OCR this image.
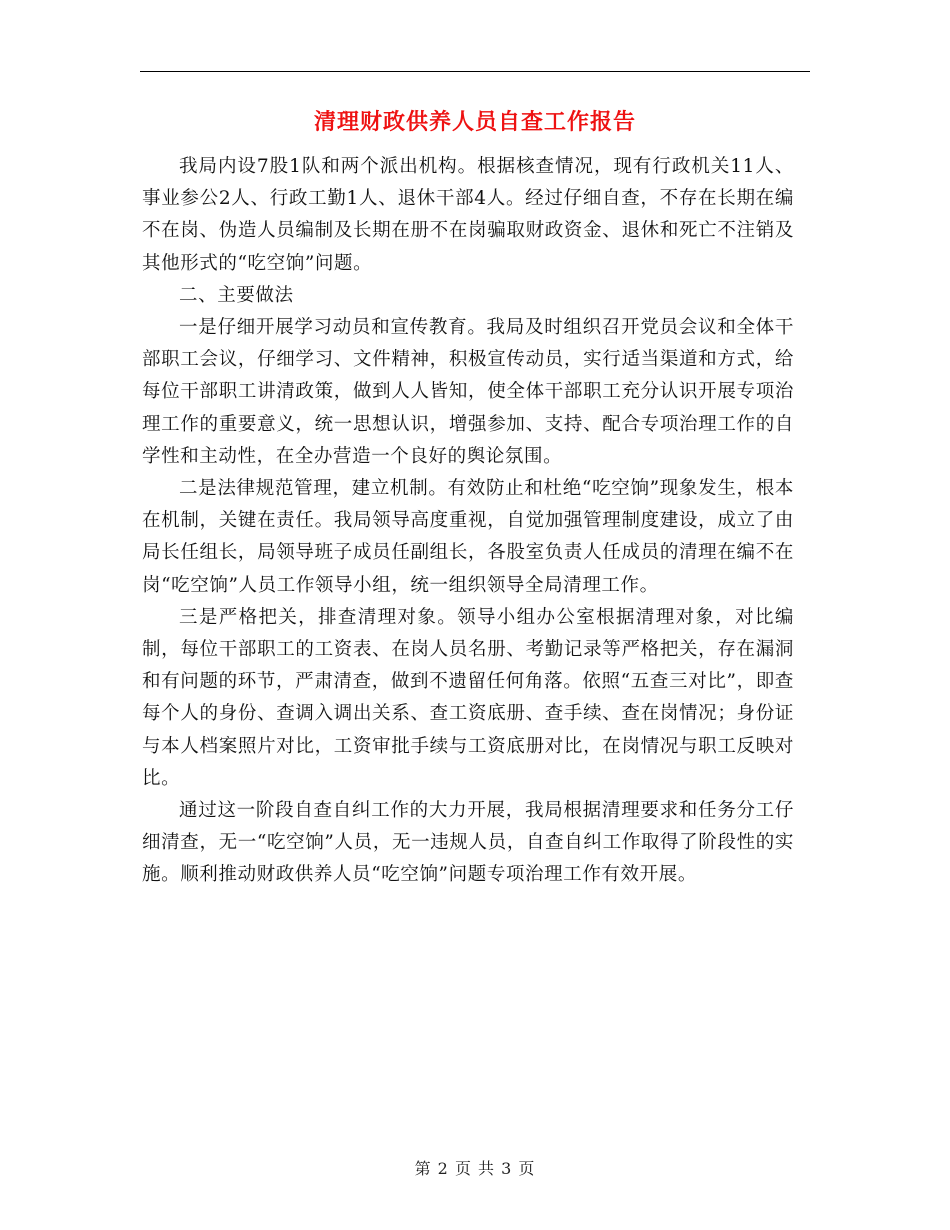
清理财政供养人员自查工作报告

我局内设7股1队和两个派出机构。根据核查情况，现有行政机关11人、事业参公2人、行政工勤1人、退休干部4人。经过仔细自查，不存在长期在编不在岗、伪造人员编制及长期在册不在岗骗取财政资金、退休和死亡不注销及其他形式的“吃空饷”问题。

二、主要做法

一是仔细开展学习动员和宣传教育。我局及时组织召开党员会议和全体干部职工会议，仔细学习、文件精神，积极宣传动员，实行适当渠道和方式，给每位干部职工讲清政策，做到人人皆知，使全体干部职工充分认识开展专项治理工作的重要意义，统一思想认识，增强参加、支持、配合专项治理工作的自学性和主动性，在全办营造一个良好的舆论氛围。

二是法律规范管理，建立机制。有效防止和杜绝“吃空饷”现象发生，根本在机制，关键在责任。我局领导高度重视，自觉加强管理制度建设，成立了由局长任组长，局领导班子成员任副组长，各股室负责人任成员的清理在编不在岗“吃空饷”人员工作领导小组，统一组织领导全局清理工作。

三是严格把关，排查清理对象。领导小组办公室根据清理对象，对比编制，每位干部职工的工资表、在岗人员名册、考勤记录等严格把关，存在漏洞和有问题的环节，严肃清查，做到不遗留任何角落。依照“五查三对比”，即查每个人的身份、查调入调出关系、查工资底册、查手续、查在岗情况；身份证与本人档案照片对比，工资审批手续与工资底册对比，在岗情况与职工反映对比。

通过这一阶段自查自纠工作的大力开展，我局根据清理要求和任务分工仔细清查，无一“吃空饷”人员，无一违规人员，自查自纠工作取得了阶段性的实施。顺利推动财政供养人员“吃空饷”问题专项治理工作有效开展。

第 2 页 共 3 页
